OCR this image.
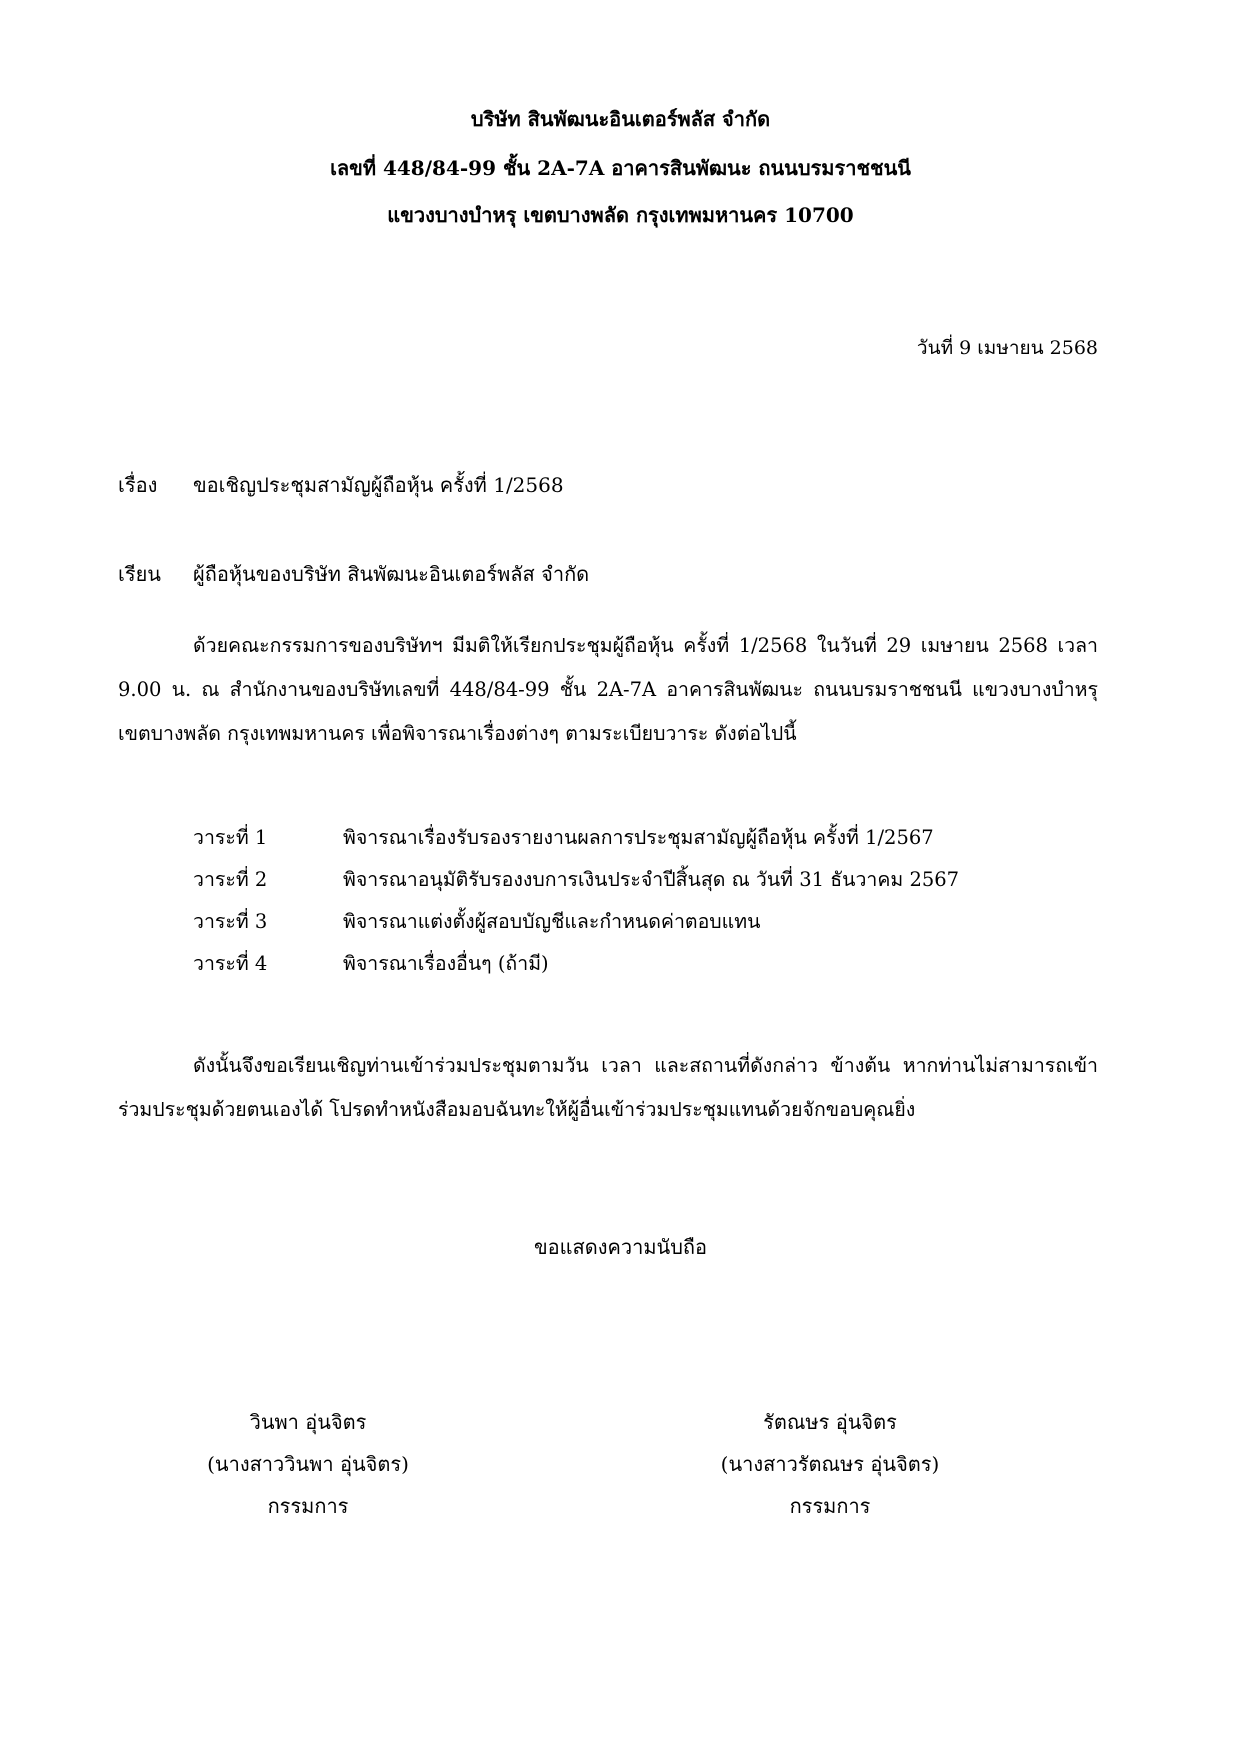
บริษัท สินพัฒนะอินเตอร์พลัส จำกัด
เลขที่ 448/84-99 ชั้น 2A-7A อาคารสินพัฒนะ ถนนบรมราชชนนี
แขวงบางบำหรุ เขตบางพลัด กรุงเทพมหานคร 10700
วันที่ 9 เมษายน 2568
เรื่อง ขอเชิญประชุมสามัญผู้ถือหุ้น ครั้งที่ 1/2568
เรียน ผู้ถือหุ้นของบริษัท สินพัฒนะอินเตอร์พลัส จำกัด
ด้วยคณะกรรมการของบริษัทฯ มีมติให้เรียกประชุมผู้ถือหุ้น ครั้งที่ 1/2568 ในวันที่ 29 เมษายน 2568 เวลา 9.00 น. ณ สำนักงานของบริษัทเลขที่ 448/84-99 ชั้น 2A-7A อาคารสินพัฒนะ ถนนบรมราชชนนี แขวงบางบำหรุ เขตบางพลัด กรุงเทพมหานคร เพื่อพิจารณาเรื่องต่างๆ ตามระเบียบวาระ ดังต่อไปนี้
วาระที่ 1	พิจารณาเรื่องรับรองรายงานผลการประชุมสามัญผู้ถือหุ้น ครั้งที่ 1/2567
วาระที่ 2	พิจารณาอนุมัติรับรองงบการเงินประจำปีสิ้นสุด ณ วันที่ 31 ธันวาคม 2567
วาระที่ 3	พิจารณาแต่งตั้งผู้สอบบัญชีและกำหนดค่าตอบแทน
วาระที่ 4	พิจารณาเรื่องอื่นๆ (ถ้ามี)
ดังนั้นจึงขอเรียนเชิญท่านเข้าร่วมประชุมตามวัน เวลา และสถานที่ดังกล่าว ข้างต้น หากท่านไม่สามารถเข้าร่วมประชุมด้วยตนเองได้ โปรดทำหนังสือมอบฉันทะให้ผู้อื่นเข้าร่วมประชุมแทนด้วยจักขอบคุณยิ่ง
ขอแสดงความนับถือ
วินพา อุ่นจิตร
(นางสาววินพา อุ่นจิตร)
กรรมการ
รัตณษร อุ่นจิตร
(นางสาวรัตณษร อุ่นจิตร)
กรรมการ
